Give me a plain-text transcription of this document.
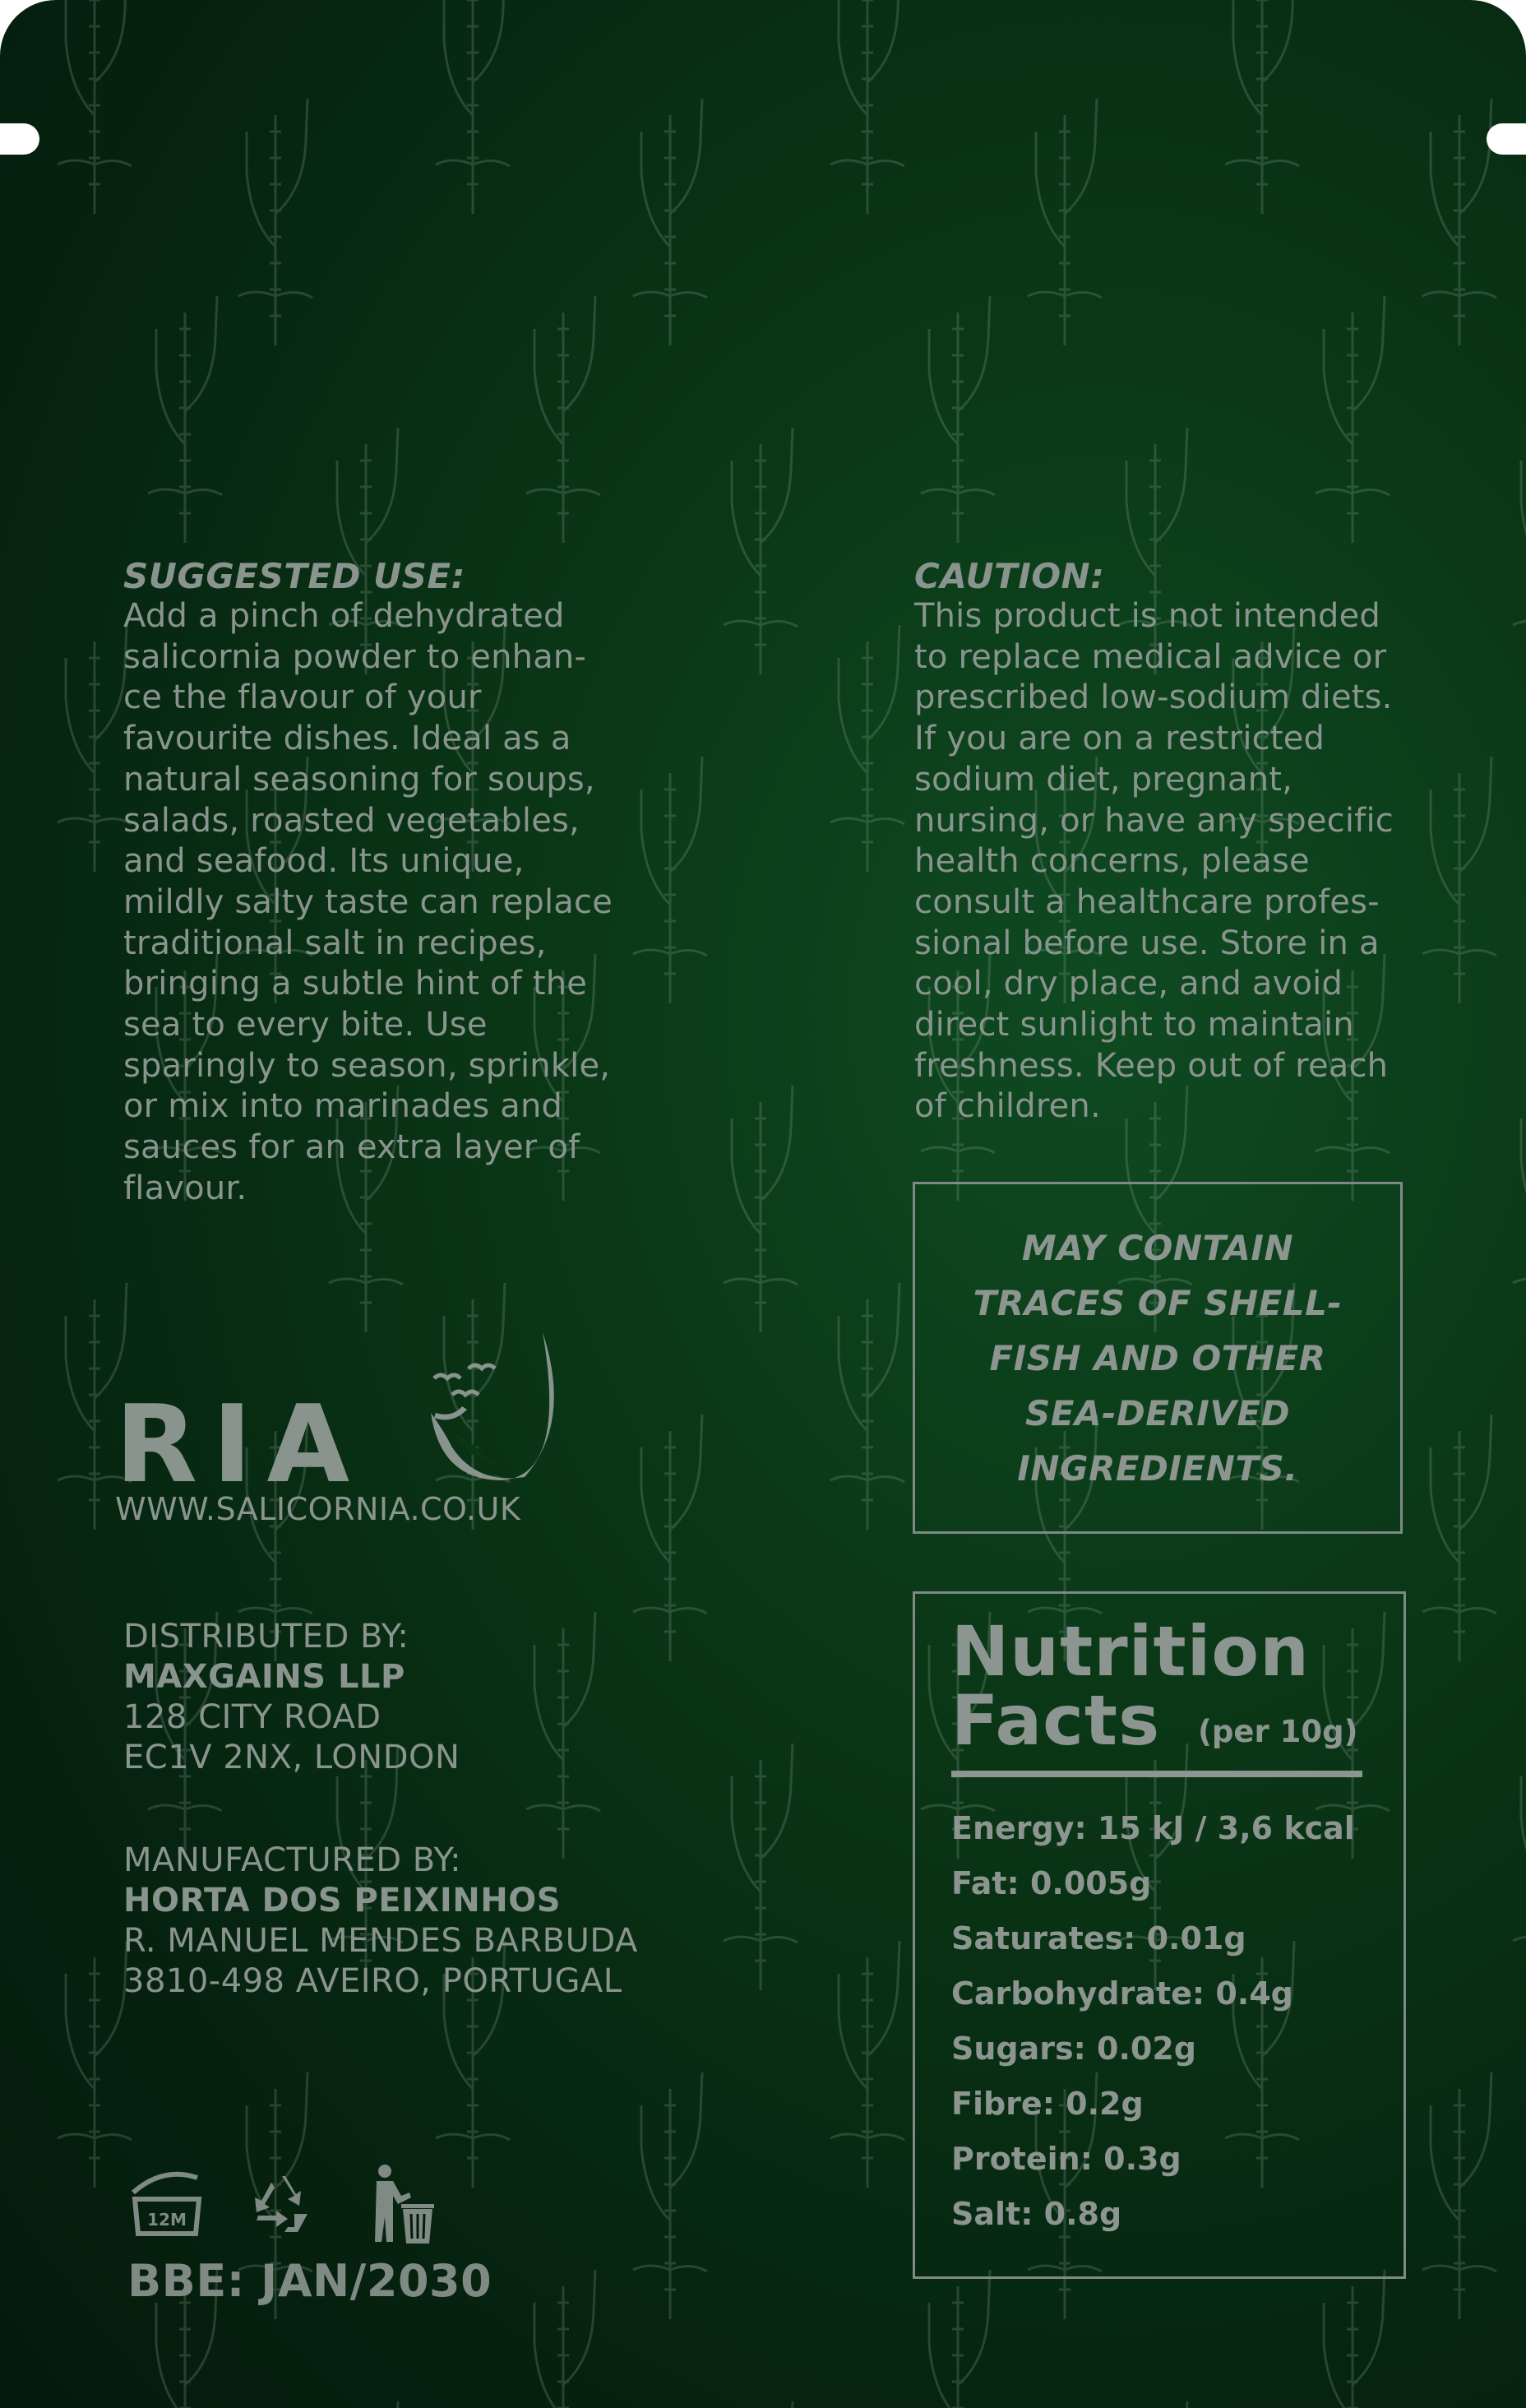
SUGGESTED USE:
Add a pinch of dehydrated
salicornia powder to enhan-
ce the flavour of your
favourite dishes. Ideal as a
natural seasoning for soups,
salads, roasted vegetables,
and seafood. Its unique,
mildly salty taste can replace
traditional salt in recipes,
bringing a subtle hint of the
sea to every bite. Use
sparingly to season, sprinkle,
or mix into marinades and
sauces for an extra layer of
flavour.
CAUTION:
This product is not intended
to replace medical advice or
prescribed low-sodium diets.
If you are on a restricted
sodium diet, pregnant,
nursing, or have any specific
health concerns, please
consult a healthcare profes-
sional before use. Store in a
cool, dry place, and avoid
direct sunlight to maintain
freshness. Keep out of reach
of children.
MAY CONTAIN
TRACES OF SHELL-
FISH AND OTHER
SEA-DERIVED
INGREDIENTS.
RIA
WWW.SALICORNIA.CO.UK
DISTRIBUTED BY:
MAXGAINS LLP
128 CITY ROAD
EC1V 2NX, LONDON
MANUFACTURED BY:
HORTA DOS PEIXINHOS
R. MANUEL MENDES BARBUDA
3810-498 AVEIRO, PORTUGAL
Nutrition Facts	(per 10g)
Energy: 15 kJ / 3,6 kcal
Fat: 0.005g
Saturates: 0.01g
Carbohydrate: 0.4g
Sugars: 0.02g
Fibre: 0.2g
Protein: 0.3g
Salt: 0.8g
12M
BBE: JAN/2030
